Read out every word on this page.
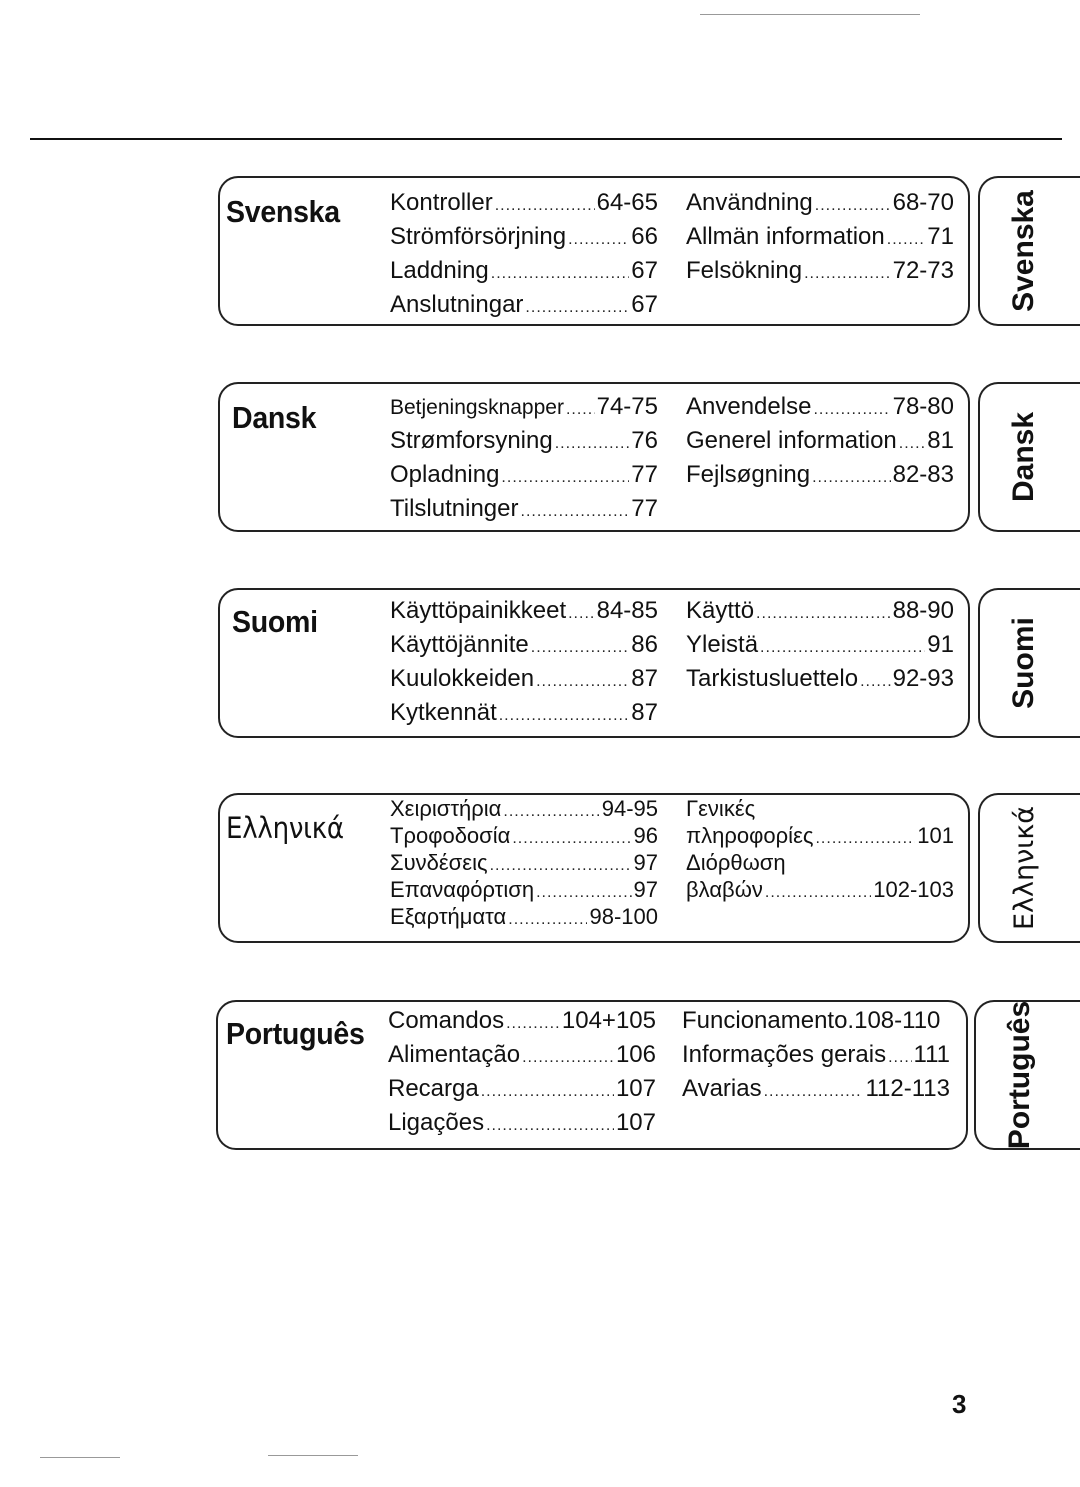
Svenska Kontroller .....	64-65
Strömförsörjning .....	66
Laddning .....	67
Anslutningar .....	67
Användning .....	68-70
Allmän information ..... 71
Felsökning .....	72-73	Svenska
Dansk	Betjeningsknapper ..... 74-75
Strømforsyning .....	76
Opladning .....	77
Tilslutninger .....	77
Anvendelse .....	78-80
Generel information ..... 81
Fejlsøgning .....	82-83	Dansk
Suomi	Käyttöpainikkeet ..... 84-85
Käyttöjännite .....	86
Kuulokkeiden .....	87
Kytkennät .....	87
Käyttö .....	88-90
Yleistä .....	91
Tarkistusluettelo ..... 92-93	Suomi
Ελληνικά
Χειριστήρια .....	94-95
Τροφοδοσία .....	96
Συνδέσεις .....	97
Επαναφόρτιση .....	97
Εξαρτήματα .....	98-100
Γενικές
πληροφορίες .....	101
Διόρθωση
βλαβών .....	102-103	Ελληνικά
Português Comandos ..... 104+105
Alimentação .....	106
Recarga .....	107
Ligações .....	107
Funcionamento. 108-110
Informações gerais ..... 111
Avarias .....	112-113	Português
3
